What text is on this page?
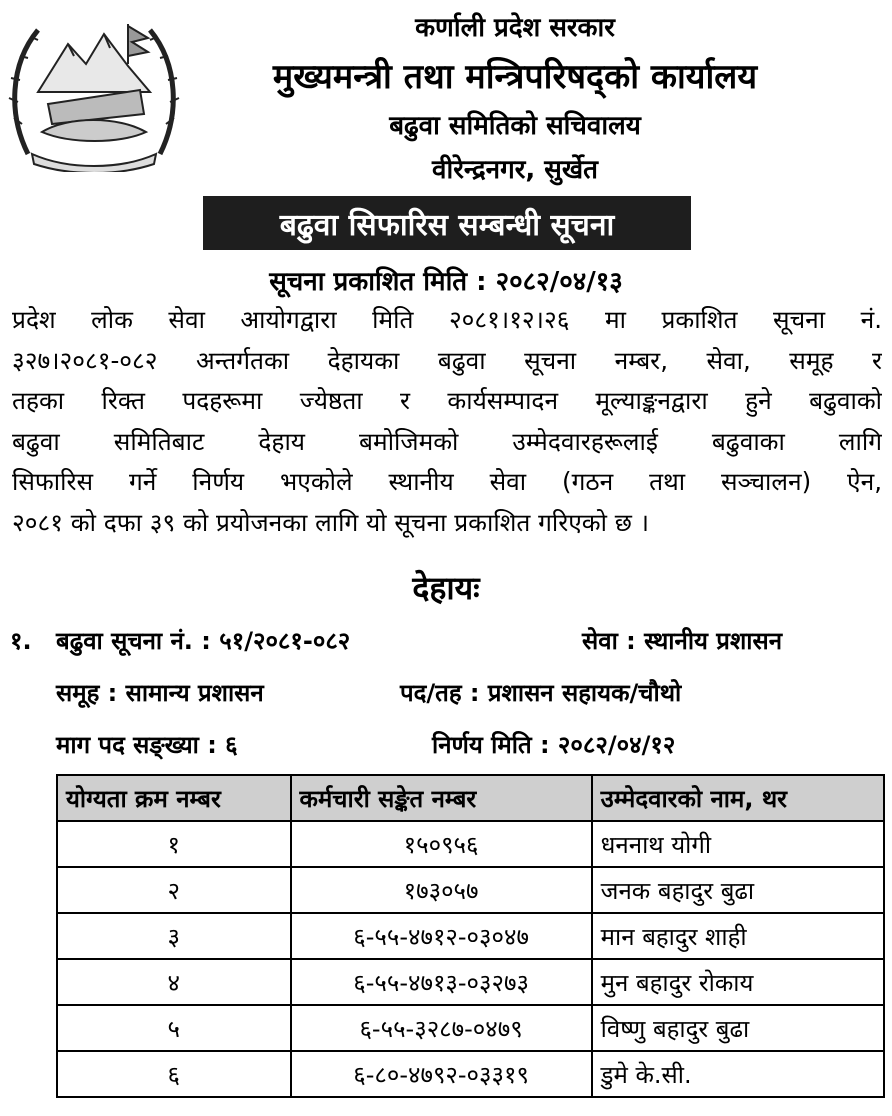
कर्णाली प्रदेश सरकार
मुख्यमन्त्री तथा मन्त्रिपरिषद्‌को कार्यालय
बढुवा समितिको सचिवालय
वीरेन्द्रनगर, सुर्खेत
बढुवा सिफारिस सम्बन्धी सूचना
सूचना प्रकाशित मिति : २०८२/०४/१३
प्रदेश लोक सेवा आयोगद्वारा मिति २०८१।१२।२६ मा प्रकाशित सूचना नं.
३२७।२०८१-०८२ अन्तर्गतका देहायका बढुवा सूचना नम्बर, सेवा, समूह र
तहका रिक्त पदहरूमा ज्येष्ठता र कार्यसम्पादन मूल्याङ्कनद्वारा हुने बढुवाको
बढुवा समितिबाट देहाय बमोजिमको उम्मेदवारहरूलाई बढुवाका लागि
सिफारिस गर्ने निर्णय भएकोले स्थानीय सेवा (गठन तथा सञ्चालन) ऐन,
२०८१ को दफा ३९ को प्रयोजनका लागि यो सूचना प्रकाशित गरिएको छ ।
देहायः
१. बढुवा सूचना नं. : ५१/२०८१-०८२	सेवा : स्थानीय प्रशासन
समूह : सामान्य प्रशासन	पद/तह : प्रशासन सहायक/चौथो
माग पद सङ्ख्या : ६	निर्णय मिति : २०८२/०४/१२
योग्यता क्रम नम्बर	कर्मचारी सङ्केत नम्बर	उम्मेदवारको नाम, थर
१	१५०९५६	धननाथ योगी
२	१७३०५७	जनक बहादुर बुढा
३	६-५५-४७१२-०३०४७	मान बहादुर शाही
४	६-५५-४७१३-०३२७३	मुन बहादुर रोकाय
५	६-५५-३२८७-०४७९	विष्णु बहादुर बुढा
६	६-८०-४७९२-०३३१९	डुमे के.सी.
